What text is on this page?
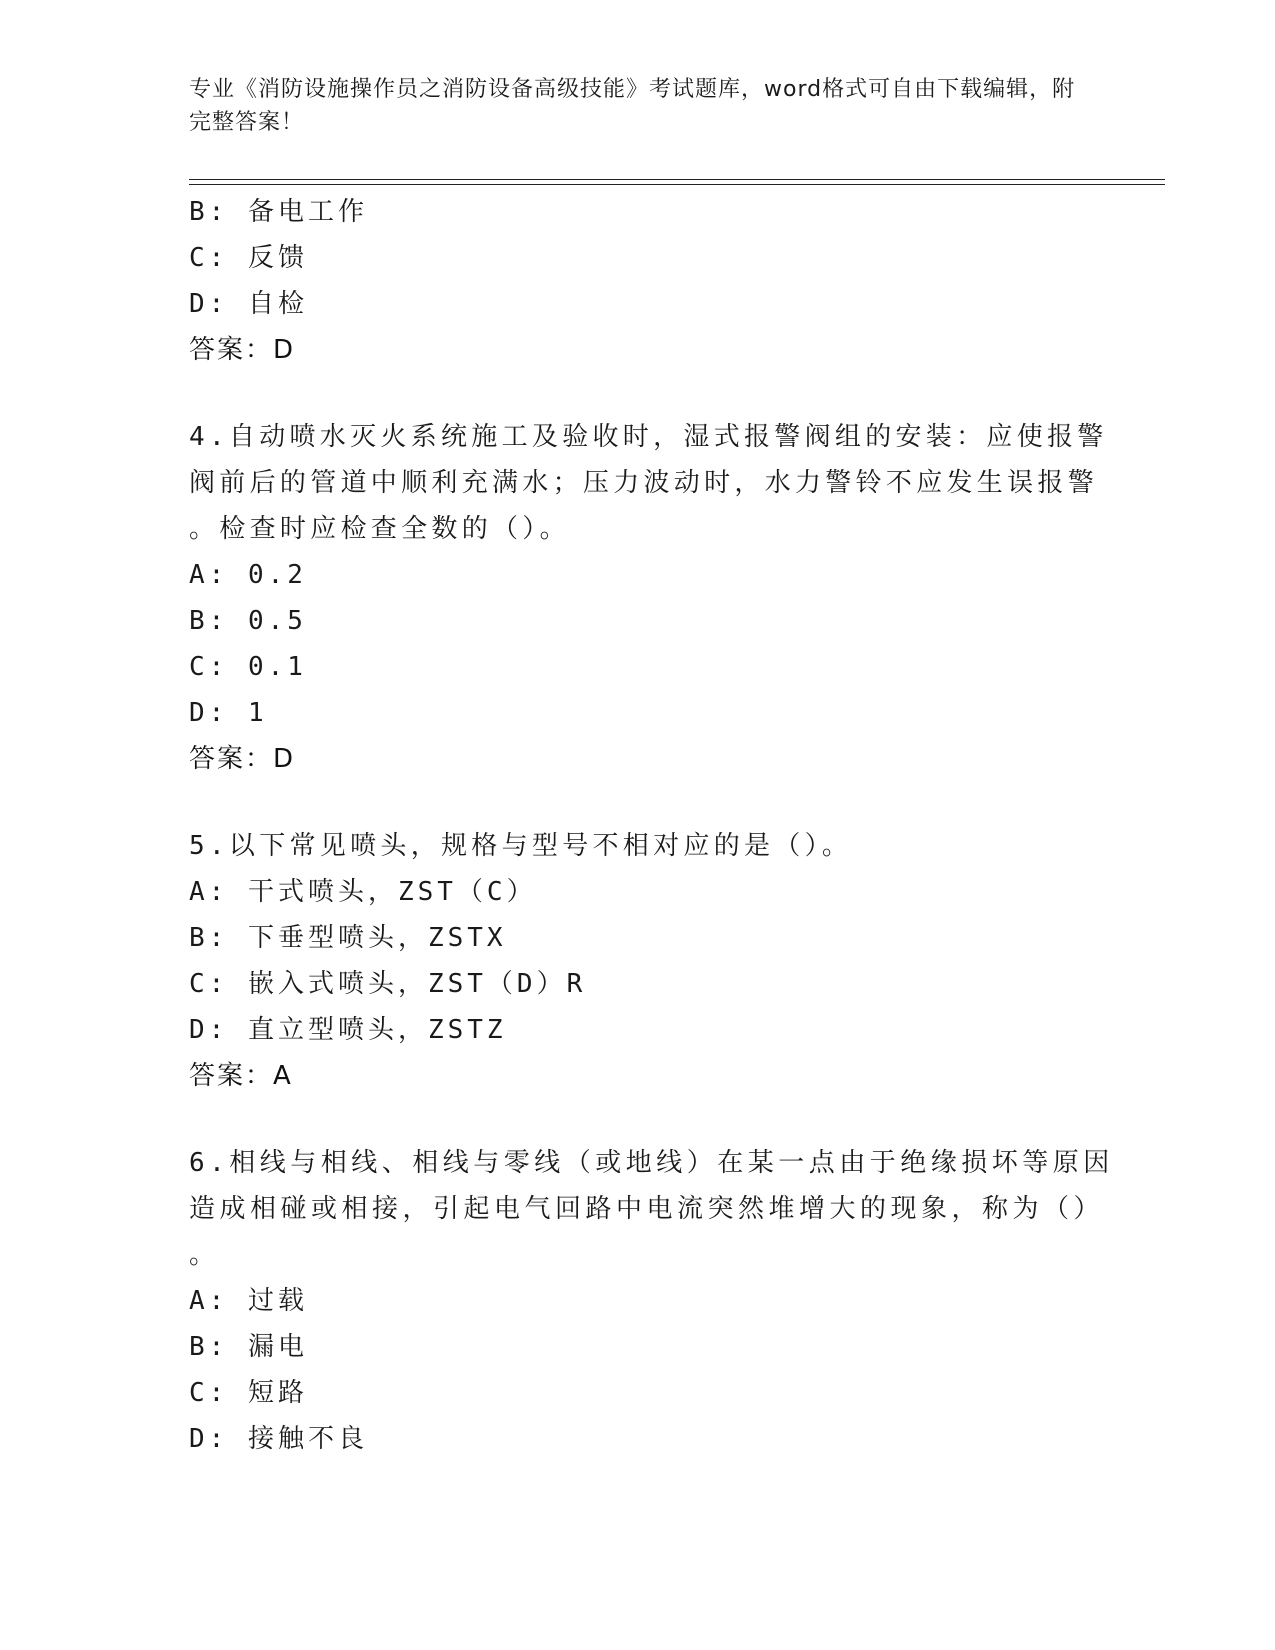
专业《消防设施操作员之消防设备高级技能》考试题库，word格式可自由下载编辑，附完整答案！
B: 备电工作
C: 反馈
D: 自检
答案：D
4.自动喷水灭火系统施工及验收时，湿式报警阀组的安装：应使报警
阀前后的管道中顺利充满水；压力波动时，水力警铃不应发生误报警
。检查时应检查全数的（）。
A: 0.2
B: 0.5
C: 0.1
D: 1
答案：D
5.以下常见喷头，规格与型号不相对应的是（）。
A: 干式喷头，ZST（C）
B: 下垂型喷头，ZSTX
C: 嵌入式喷头，ZST（D）R
D: 直立型喷头，ZSTZ
答案：A
6.相线与相线、相线与零线（或地线）在某一点由于绝缘损坏等原因
造成相碰或相接，引起电气回路中电流突然堆增大的现象，称为（）
。
A: 过载
B: 漏电
C: 短路
D: 接触不良
